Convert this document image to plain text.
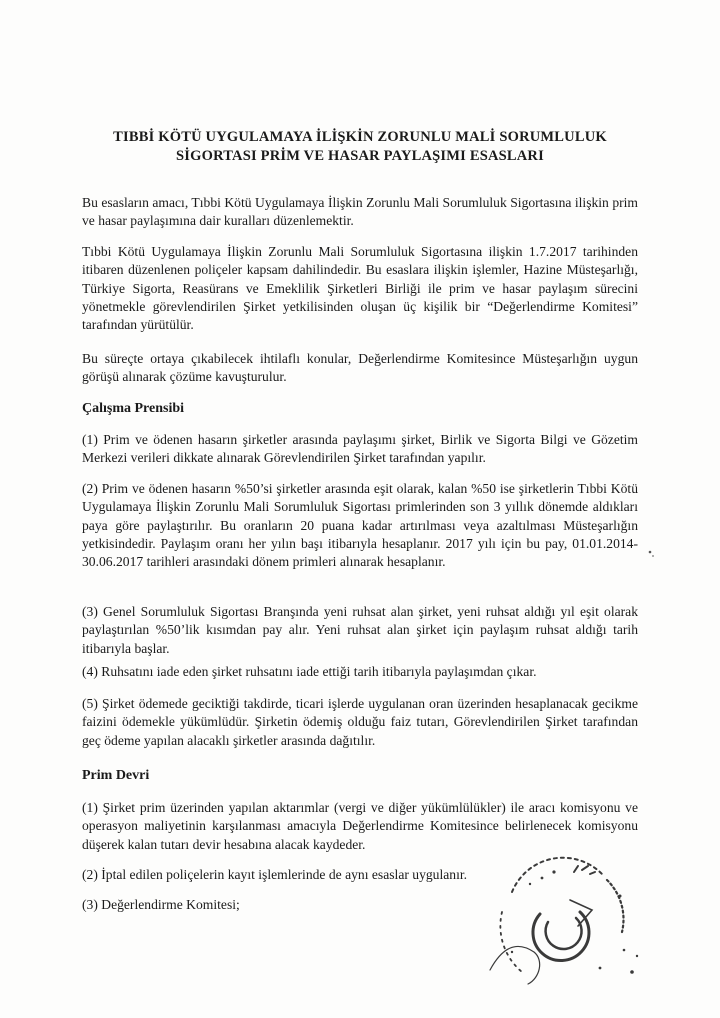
TIBBİ KÖTÜ UYGULAMAYA İLİŞKİN ZORUNLU MALİ SORUMLULUK
SİGORTASI PRİM VE HASAR PAYLAŞIMI ESASLARI
Bu esasların amacı, Tıbbi Kötü Uygulamaya İlişkin Zorunlu Mali Sorumluluk Sigortasına ilişkin prim ve hasar paylaşımına dair kuralları düzenlemektir.
Tıbbi Kötü Uygulamaya İlişkin Zorunlu Mali Sorumluluk Sigortasına ilişkin 1.7.2017 tarihinden itibaren düzenlenen poliçeler kapsam dahilindedir. Bu esaslara ilişkin işlemler, Hazine Müsteşarlığı, Türkiye Sigorta, Reasürans ve Emeklilik Şirketleri Birliği ile prim ve hasar paylaşım sürecini yönetmekle görevlendirilen Şirket yetkilisinden oluşan üç kişilik bir “Değerlendirme Komitesi” tarafından yürütülür.
Bu süreçte ortaya çıkabilecek ihtilaflı konular, Değerlendirme Komitesince Müsteşarlığın uygun görüşü alınarak çözüme kavuşturulur.
Çalışma Prensibi
(1) Prim ve ödenen hasarın şirketler arasında paylaşımı şirket, Birlik ve Sigorta Bilgi ve Gözetim Merkezi verileri dikkate alınarak Görevlendirilen Şirket tarafından yapılır.
(2) Prim ve ödenen hasarın %50’si şirketler arasında eşit olarak, kalan %50 ise şirketlerin Tıbbi Kötü Uygulamaya İlişkin Zorunlu Mali Sorumluluk Sigortası primlerinden son 3 yıllık dönemde aldıkları paya göre paylaştırılır. Bu oranların 20 puana kadar artırılması veya azaltılması Müsteşarlığın yetkisindedir. Paylaşım oranı her yılın başı itibarıyla hesaplanır. 2017 yılı için bu pay, 01.01.2014-30.06.2017 tarihleri arasındaki dönem primleri alınarak hesaplanır.
(3) Genel Sorumluluk Sigortası Branşında yeni ruhsat alan şirket, yeni ruhsat aldığı yıl eşit olarak paylaştırılan %50’lik kısımdan pay alır. Yeni ruhsat alan şirket için paylaşım ruhsat aldığı tarih itibarıyla başlar.
(4) Ruhsatını iade eden şirket ruhsatını iade ettiği tarih itibarıyla paylaşımdan çıkar.
(5) Şirket ödemede geciktiği takdirde, ticari işlerde uygulanan oran üzerinden hesaplanacak gecikme faizini ödemekle yükümlüdür. Şirketin ödemiş olduğu faiz tutarı, Görevlendirilen Şirket tarafından geç ödeme yapılan alacaklı şirketler arasında dağıtılır.
Prim Devri
(1) Şirket prim üzerinden yapılan aktarımlar (vergi ve diğer yükümlülükler) ile aracı komisyonu ve operasyon maliyetinin karşılanması amacıyla Değerlendirme Komitesince belirlenecek komisyonu düşerek kalan tutarı devir hesabına alacak kaydeder.
(2) İptal edilen poliçelerin kayıt işlemlerinde de aynı esaslar uygulanır.
(3) Değerlendirme Komitesi;
